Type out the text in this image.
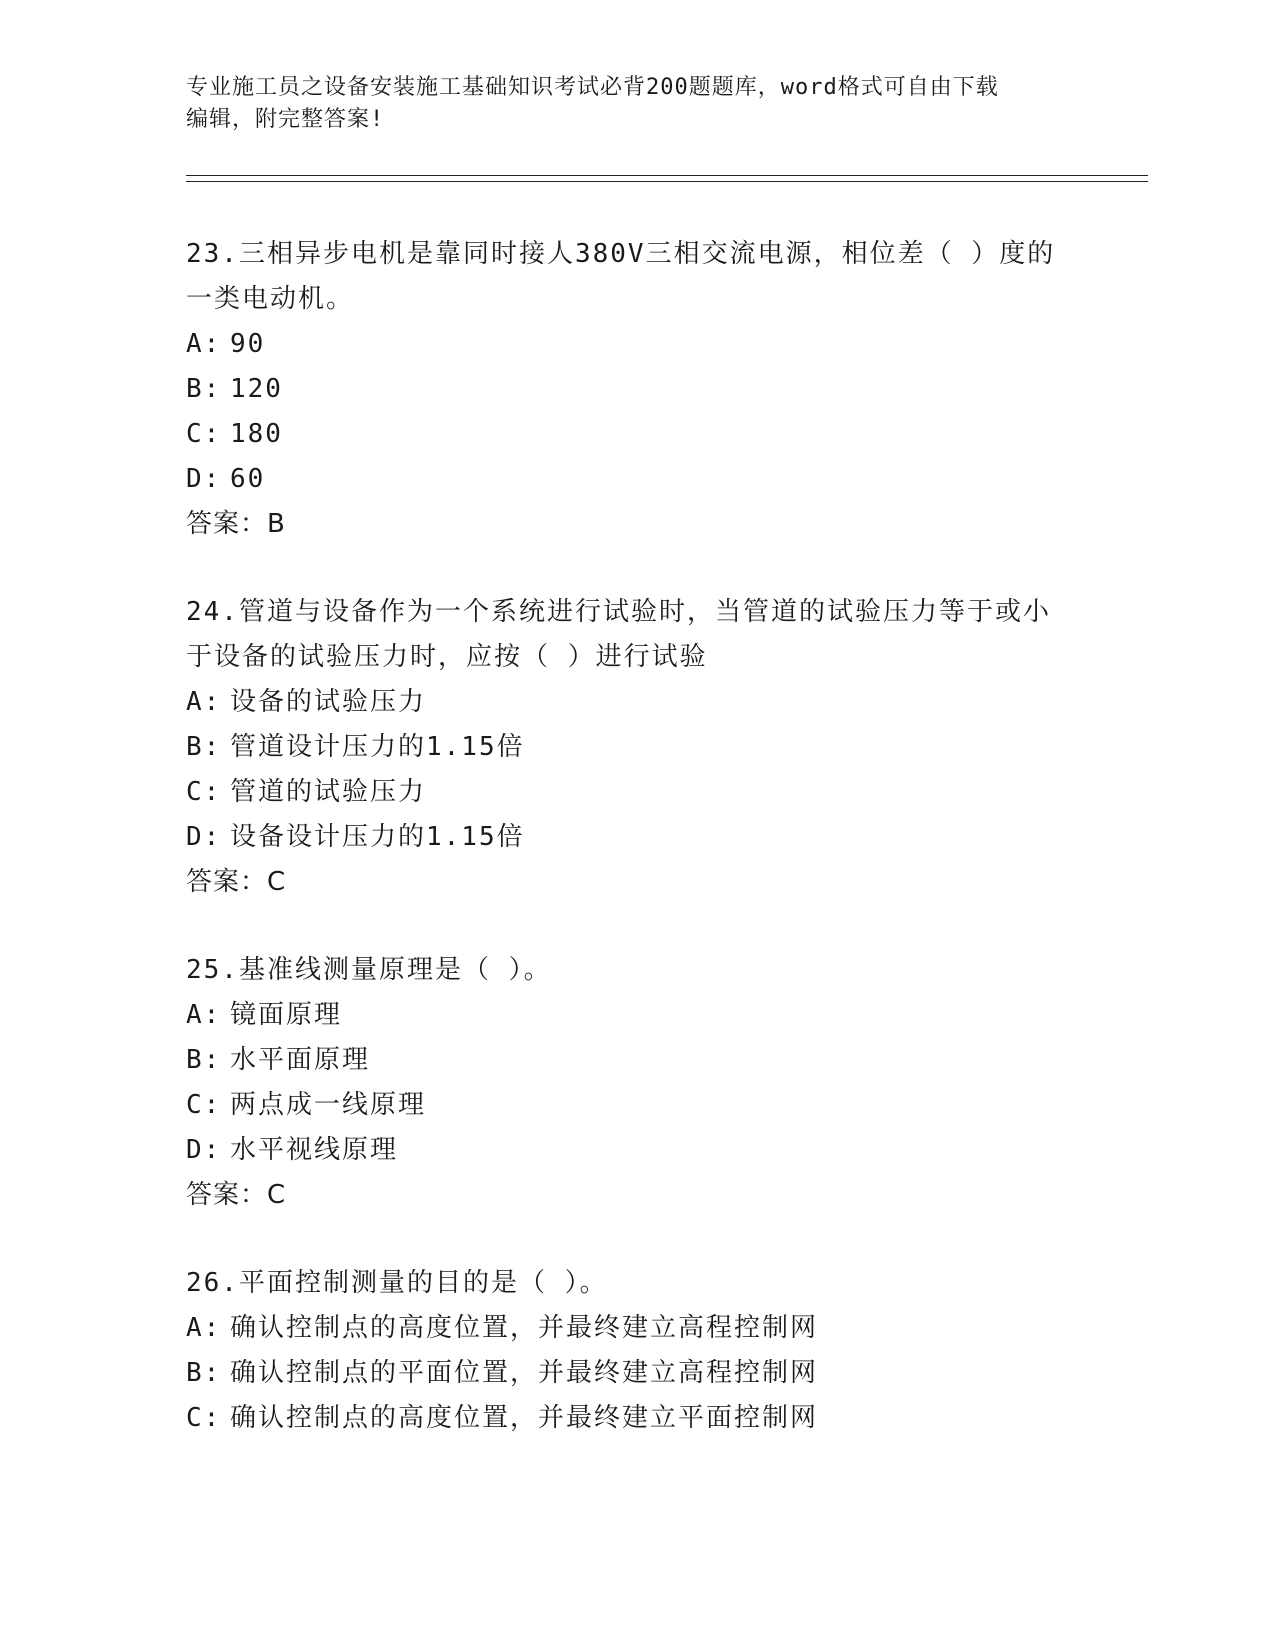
专业施工员之设备安装施工基础知识考试必背200题题库，word格式可自由下载
编辑，附完整答案!
23.三相异步电机是靠同时接人380V三相交流电源，相位差（ ）度的
一类电动机。
A: 90
B: 120
C: 180
D: 60
答案：B
24.管道与设备作为一个系统进行试验时，当管道的试验压力等于或小
于设备的试验压力时，应按（ ）进行试验
A: 设备的试验压力
B: 管道设计压力的1.15倍
C: 管道的试验压力
D: 设备设计压力的1.15倍
答案：C
25.基准线测量原理是（ ）。
A: 镜面原理
B: 水平面原理
C: 两点成一线原理
D: 水平视线原理
答案：C
26.平面控制测量的目的是（ ）。
A: 确认控制点的高度位置，并最终建立高程控制网
B: 确认控制点的平面位置，并最终建立高程控制网
C: 确认控制点的高度位置，并最终建立平面控制网
